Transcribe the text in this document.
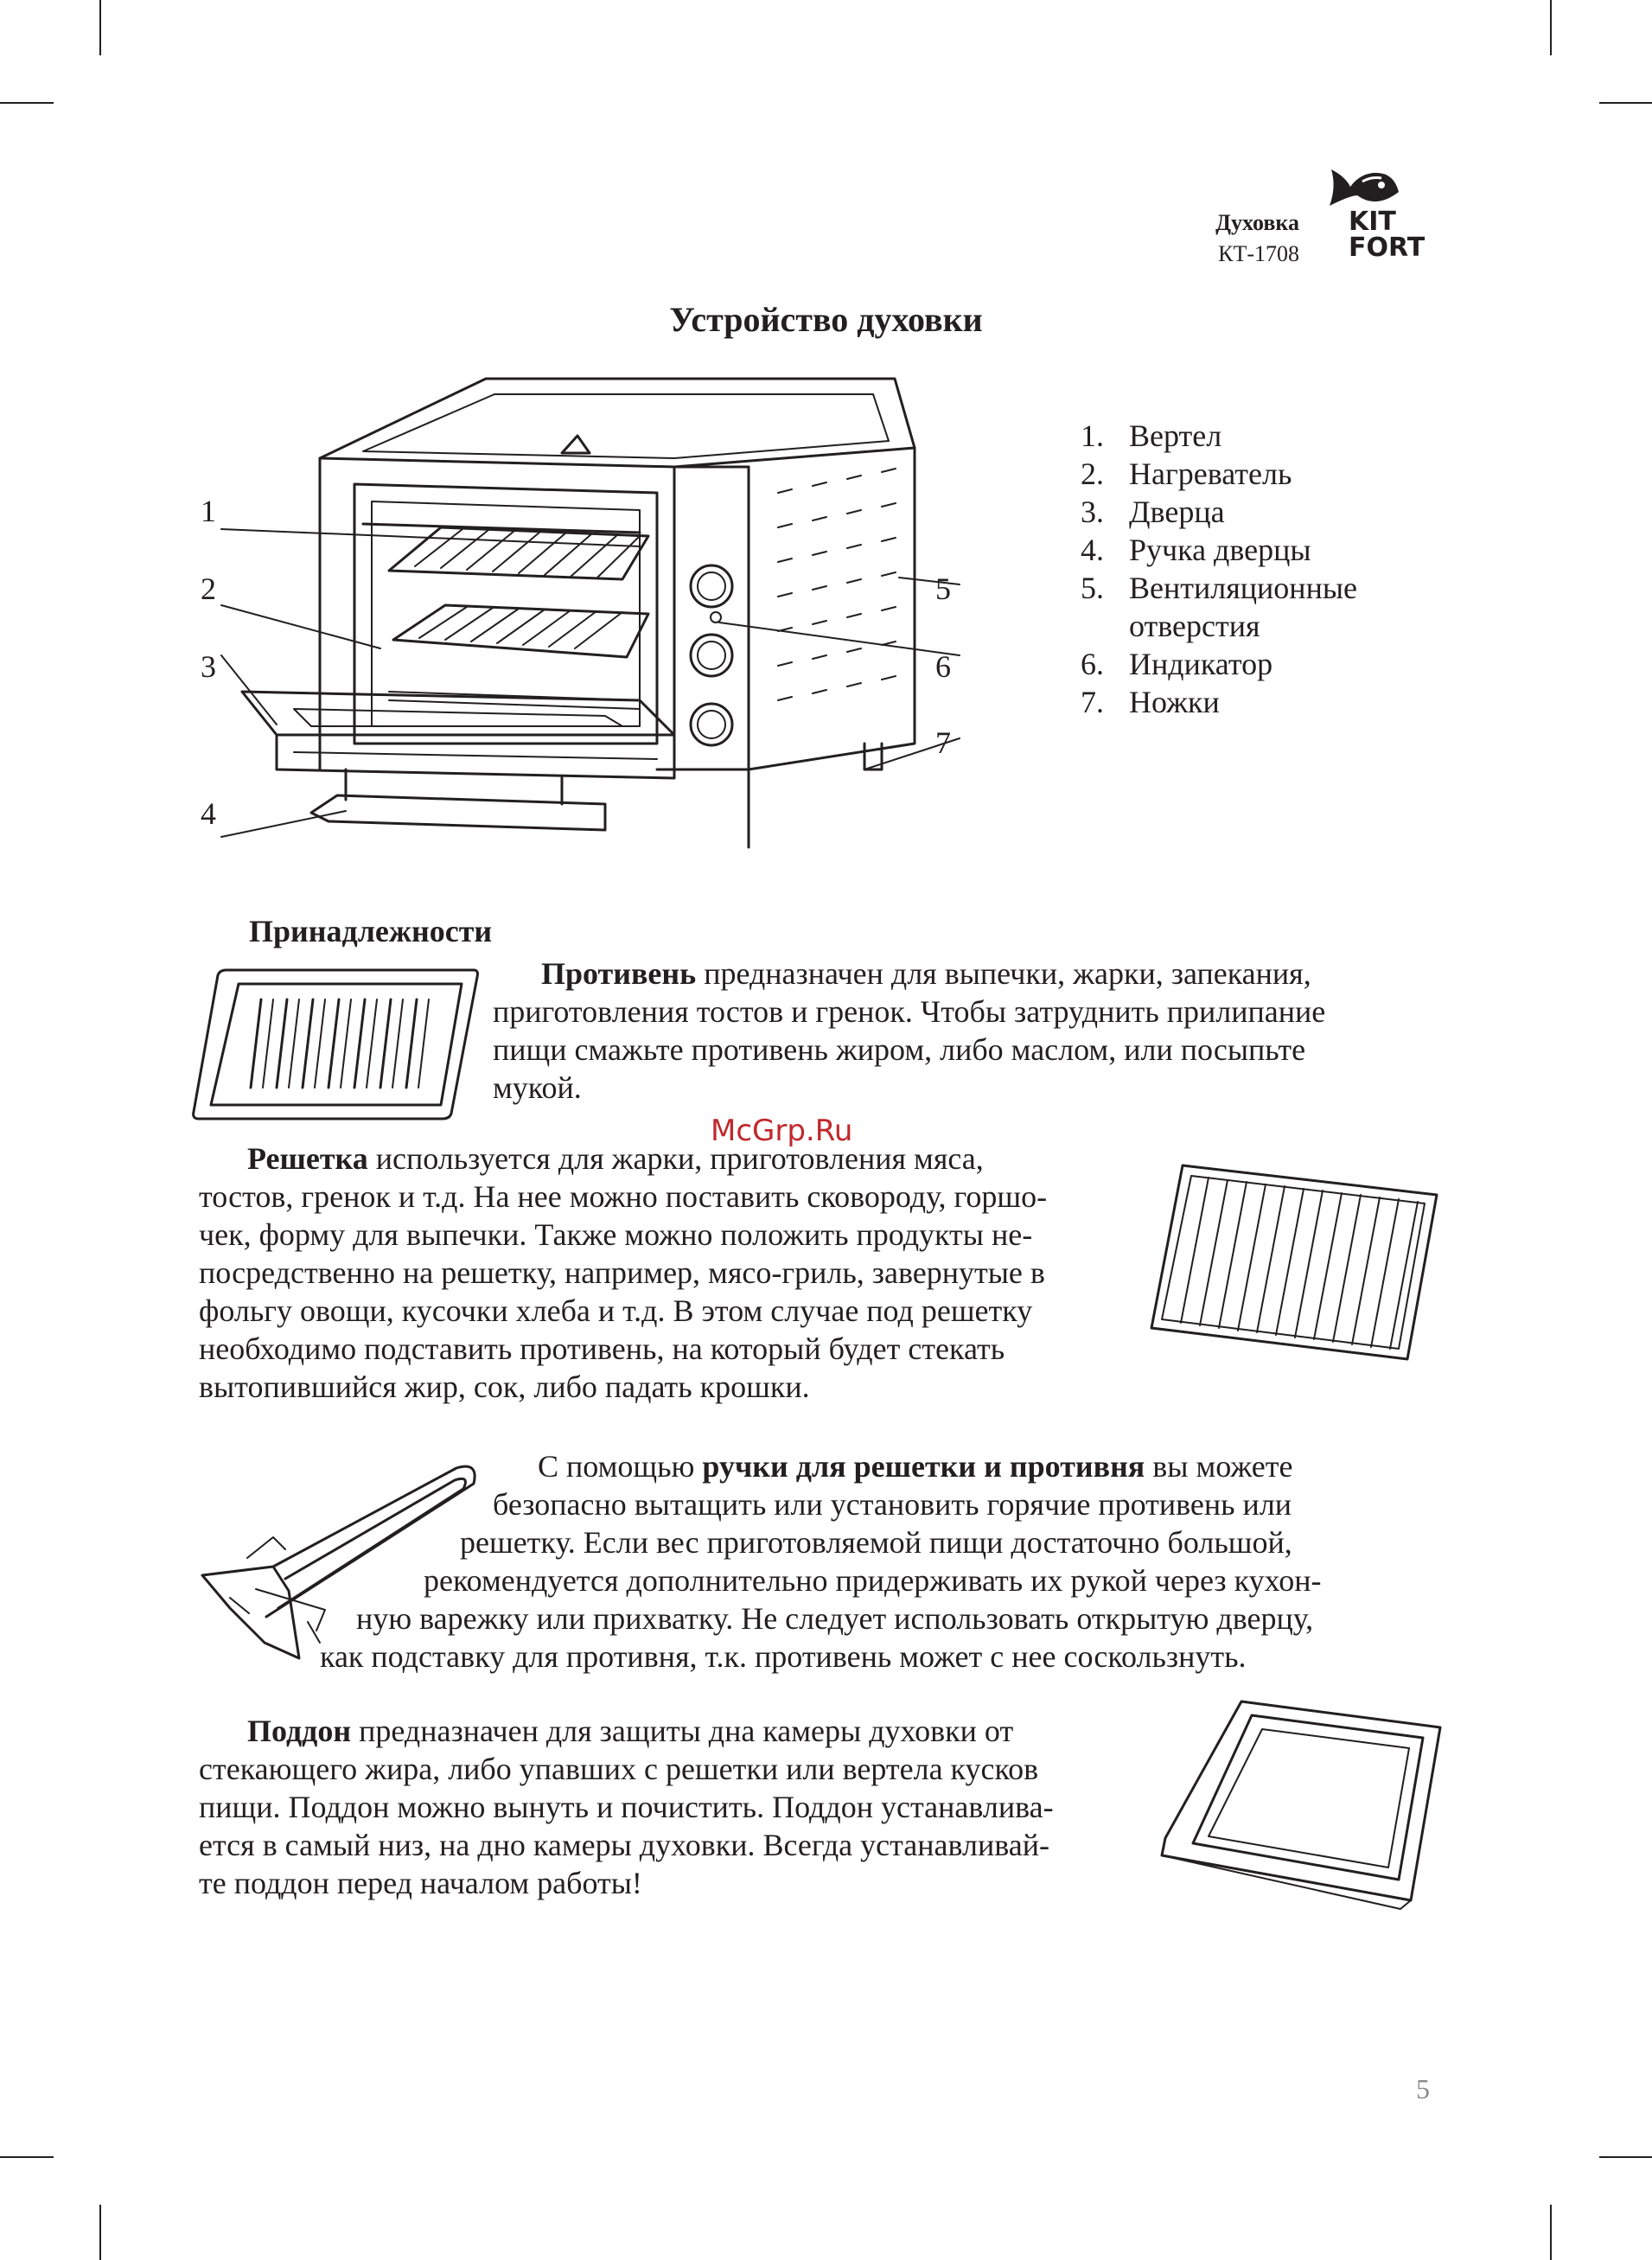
Духовка
КТ-1708
KIT
FORT
Устройство духовки
1
2
3
4
5
6
7
1. Вертел
2. Нагреватель
3. Дверца
4. Ручка дверцы
5. Вентиляционные отверстия
6. Индикатор
7. Ножки
Принадлежности
Противень предназначен для выпечки, жарки, запекания,
приготовления тостов и гренок. Чтобы затруднить прилипание
пищи смажьте противень жиром, либо маслом, или посыпьте
мукой.
McGrp.Ru
Решетка используется для жарки, приготовления мяса,
тостов, гренок и т.д. На нее можно поставить сковороду, горшо-
чек, форму для выпечки. Также можно положить продукты не-
посредственно на решетку, например, мясо-гриль, завернутые в
фольгу овощи, кусочки хлеба и т.д. В этом случае под решетку
необходимо подставить противень, на который будет стекать
вытопившийся жир, сок, либо падать крошки.
С помощью ручки для решетки и противня вы можете
безопасно вытащить или установить горячие противень или
решетку. Если вес приготовляемой пищи достаточно большой,
рекомендуется дополнительно придерживать их рукой через кухон-
ную варежку или прихватку. Не следует использовать открытую дверцу,
как подставку для противня, т.к. противень может с нее соскользнуть.
Поддон предназначен для защиты дна камеры духовки от
стекающего жира, либо упавших с решетки или вертела кусков
пищи. Поддон можно вынуть и почистить. Поддон устанавлива-
ется в самый низ, на дно камеры духовки. Всегда устанавливай-
те поддон перед началом работы!
5
